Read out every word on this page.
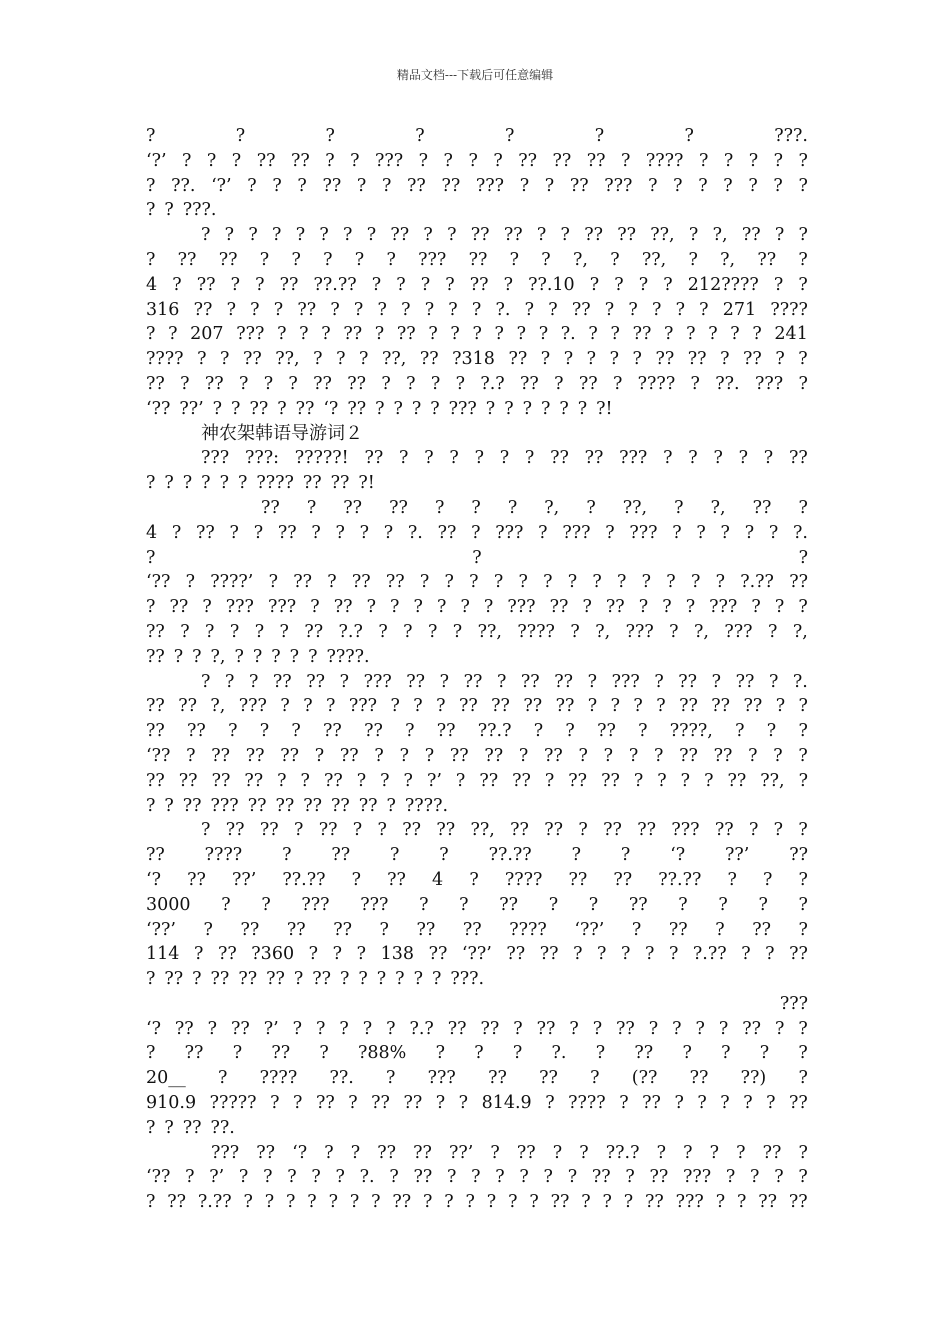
精品文档---下载后可任意编辑
?	?	?	?	?	?	?	???.
‘?’ ? ? ? ?? ?? ? ? ??? ? ? ? ? ?? ?? ?? ? ???? ? ? ? ? ?
? ??. ‘?’ ? ? ? ?? ? ? ?? ?? ??? ? ? ?? ??? ? ? ? ? ? ? ?
? ? ???.
? ? ? ? ? ? ? ? ?? ? ? ?? ?? ? ? ?? ?? ??, ? ?, ?? ? ?
? ?? ?? ? ? ? ? ? ??? ?? ? ? ?, ? ??, ? ?, ?? ?
4 ? ?? ? ? ?? ??.?? ? ? ? ? ?? ? ??.10 ? ? ? ? 212???? ? ?
316 ?? ? ? ? ?? ? ? ? ? ? ? ? ?. ? ? ?? ? ? ? ? ? 271 ????
? ? 207 ??? ? ? ? ?? ? ?? ? ? ? ? ? ? ?. ? ? ?? ? ? ? ? ? 241
???? ? ? ?? ??, ? ? ? ??, ?? ?318 ?? ? ? ? ? ? ?? ?? ? ?? ? ?
?? ? ?? ? ? ? ?? ?? ? ? ? ? ?.? ?? ? ?? ? ???? ? ??. ??? ?
‘?? ??’ ? ? ?? ? ?? ‘? ?? ? ? ? ? ??? ? ? ? ? ? ? ?!
神农架韩语导游词２
??? ???: ?????! ?? ? ? ? ? ? ? ?? ?? ??? ? ? ? ? ? ??
? ? ? ? ? ? ???? ?? ?? ?!
?? ? ?? ?? ? ? ? ?, ? ??, ? ?, ?? ?
4 ? ?? ? ? ?? ? ? ? ? ?. ?? ? ??? ? ??? ? ??? ? ? ? ? ? ?.
?	?	?
‘?? ? ????’ ? ?? ? ?? ?? ? ? ? ? ? ? ? ? ? ? ? ? ? ?.?? ??
? ?? ? ??? ??? ? ?? ? ? ? ? ? ? ??? ?? ? ?? ? ? ? ??? ? ? ?
?? ? ? ? ? ? ?? ?.? ? ? ? ? ??, ???? ? ?, ??? ? ?, ??? ? ?,
?? ? ? ?, ? ? ? ? ? ????.
? ? ? ?? ?? ? ??? ?? ? ?? ? ?? ?? ? ??? ? ?? ? ?? ? ?.
?? ?? ?, ??? ? ? ? ??? ? ? ? ?? ?? ?? ?? ? ? ? ? ?? ?? ?? ? ?
?? ?? ? ? ? ?? ?? ? ?? ??.? ? ? ?? ? ????, ? ? ?
‘?? ? ?? ?? ?? ? ?? ? ? ? ?? ?? ? ?? ? ? ? ? ?? ?? ? ? ?
?? ?? ?? ?? ? ? ?? ? ? ? ?’ ? ?? ?? ? ?? ?? ? ? ? ? ?? ??, ?
? ? ?? ??? ?? ?? ?? ?? ?? ? ????.
? ?? ?? ? ?? ? ? ?? ?? ??, ?? ?? ? ?? ?? ??? ?? ? ? ?
?? ???? ? ?? ? ? ??.?? ? ? ‘? ??’ ??
‘? ?? ??’ ??.?? ? ?? 4 ? ???? ?? ?? ??.?? ? ? ?
3000 ? ? ??? ??? ? ? ?? ? ? ?? ? ? ? ?
‘??’ ? ?? ?? ?? ? ?? ?? ???? ‘??’ ? ?? ? ?? ?
114 ? ?? ?360 ? ? ? 138 ?? ‘??’ ?? ?? ? ? ? ? ? ?.?? ? ? ??
? ?? ? ?? ?? ?? ? ?? ? ? ? ? ? ? ???.
???
‘? ?? ? ?? ?’ ? ? ? ? ? ?.? ?? ?? ? ?? ? ? ?? ? ? ? ? ?? ? ?
? ?? ? ?? ? ?88% ? ? ? ?. ? ?? ? ? ? ?
20__ ? ???? ??. ? ??? ?? ?? ? (?? ?? ??) ?
910.9 ????? ? ? ?? ? ?? ?? ? ? 814.9 ? ???? ? ?? ? ? ? ? ? ??
? ? ?? ??.
??? ?? ‘? ? ? ?? ?? ??’ ? ?? ? ? ??.? ? ? ? ? ?? ?
‘?? ? ?’ ? ? ? ? ? ?. ? ?? ? ? ? ? ? ? ?? ? ?? ??? ? ? ? ?
? ?? ?.?? ? ? ? ? ? ? ? ?? ? ? ? ? ? ? ?? ? ? ? ?? ??? ? ? ?? ??
